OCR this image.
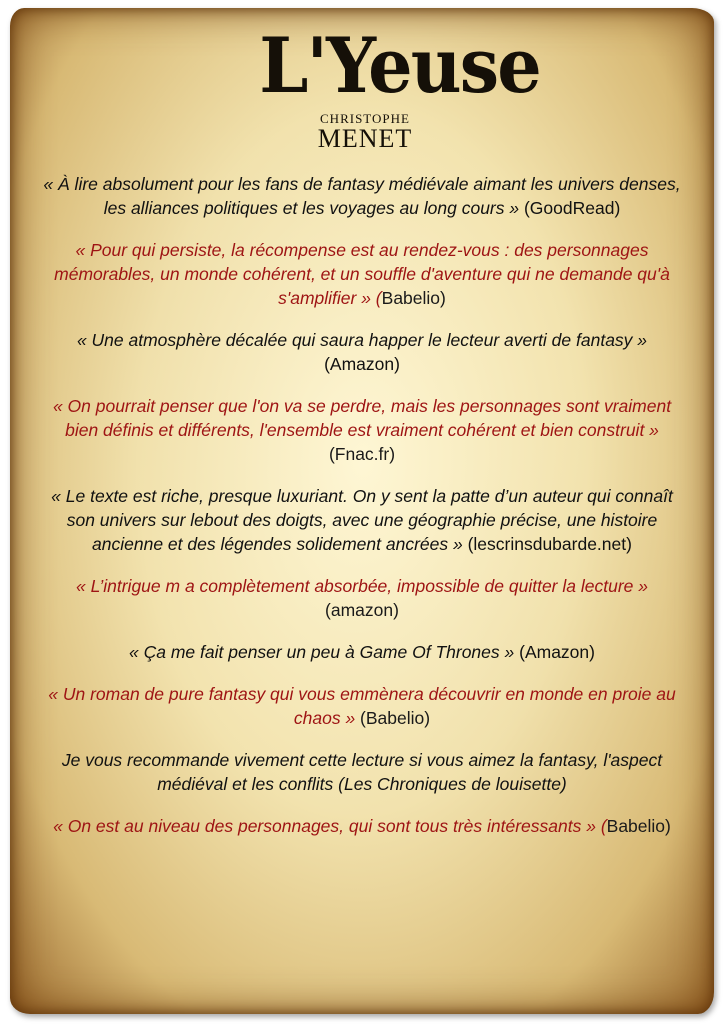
L'Yeuse
CHRISTOPHE
MENET

« À lire absolument pour les fans de fantasy médiévale aimant les univers denses, les alliances politiques et les voyages au long cours » (GoodRead)

« Pour qui persiste, la récompense est au rendez-vous : des personnages mémorables, un monde cohérent, et un souffle d'aventure qui ne demande qu'à s'amplifier » (Babelio)

« Une atmosphère décalée qui saura happer le lecteur averti de fantasy » (Amazon)

« On pourrait penser que l'on va se perdre, mais les personnages sont vraiment bien définis et différents, l'ensemble est vraiment cohérent et bien construit » (Fnac.fr)

« Le texte est riche, presque luxuriant. On y sent la patte d’un auteur qui connaît son univers sur lebout des doigts, avec une géographie précise, une histoire ancienne et des légendes solidement ancrées » (lescrinsdubarde.net)

« L’intrigue m a complètement absorbée, impossible de quitter la lecture » (amazon)

« Ça me fait penser un peu à Game Of Thrones » (Amazon)

« Un roman de pure fantasy qui vous emmènera découvrir en monde en proie au chaos » (Babelio)

Je vous recommande vivement cette lecture si vous aimez la fantasy, l'aspect médiéval et les conflits (Les Chroniques de louisette)

« On est au niveau des personnages, qui sont tous très intéressants » (Babelio)
